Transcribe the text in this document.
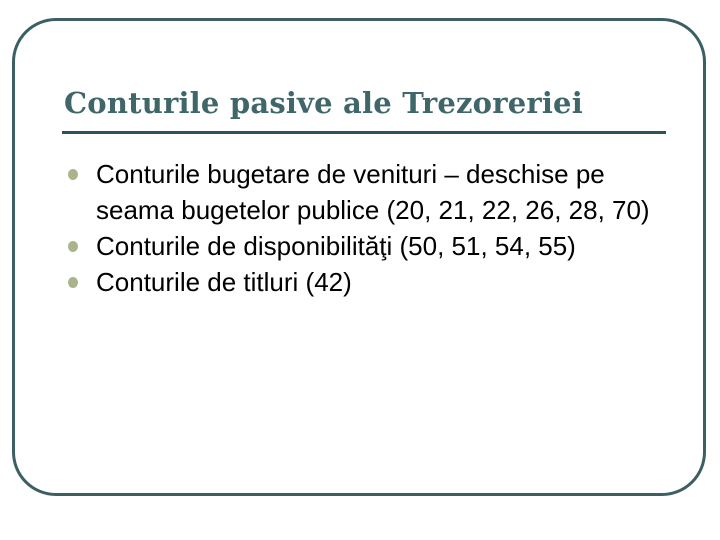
Conturile pasive ale Trezoreriei
Conturile bugetare de venituri – deschise pe seama bugetelor publice (20, 21, 22, 26, 28, 70)
Conturile de disponibilităţi (50, 51, 54, 55)
Conturile de titluri (42)
